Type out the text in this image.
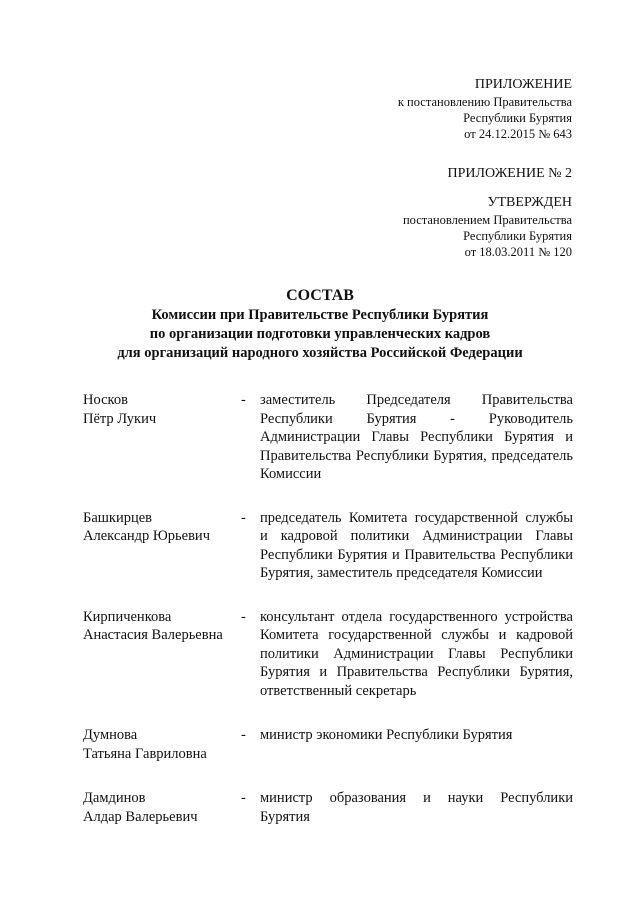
ПРИЛОЖЕНИЕ
к постановлению Правительства
Республики Бурятия
от 24.12.2015 № 643
ПРИЛОЖЕНИЕ № 2
УТВЕРЖДЕН
постановлением Правительства
Республики Бурятия
от 18.03.2011 № 120
СОСТАВ
Комиссии при Правительстве Республики Бурятия
по организации подготовки управленческих кадров
для организаций народного хозяйства Российской Федерации
Носков
Пётр Лукич
- заместитель Председателя Правительства Республики Бурятия - Руководитель Администрации Главы Республики Бурятия и Правительства Республики Бурятия, председатель Комиссии
Башкирцев
Александр Юрьевич
- председатель Комитета государственной службы и кадровой политики Администрации Главы Республики Бурятия и Правительства Республики Бурятия, заместитель председателя Комиссии
Кирпиченкова
Анастасия Валерьевна
- консультант отдела государственного устройства Комитета государственной службы и кадровой политики Администрации Главы Республики Бурятия и Правительства Республики Бурятия, ответственный секретарь
Думнова
Татьяна Гавриловна
- министр экономики Республики Бурятия
Дамдинов
Алдар Валерьевич
- министр образования и науки Республики Бурятия
